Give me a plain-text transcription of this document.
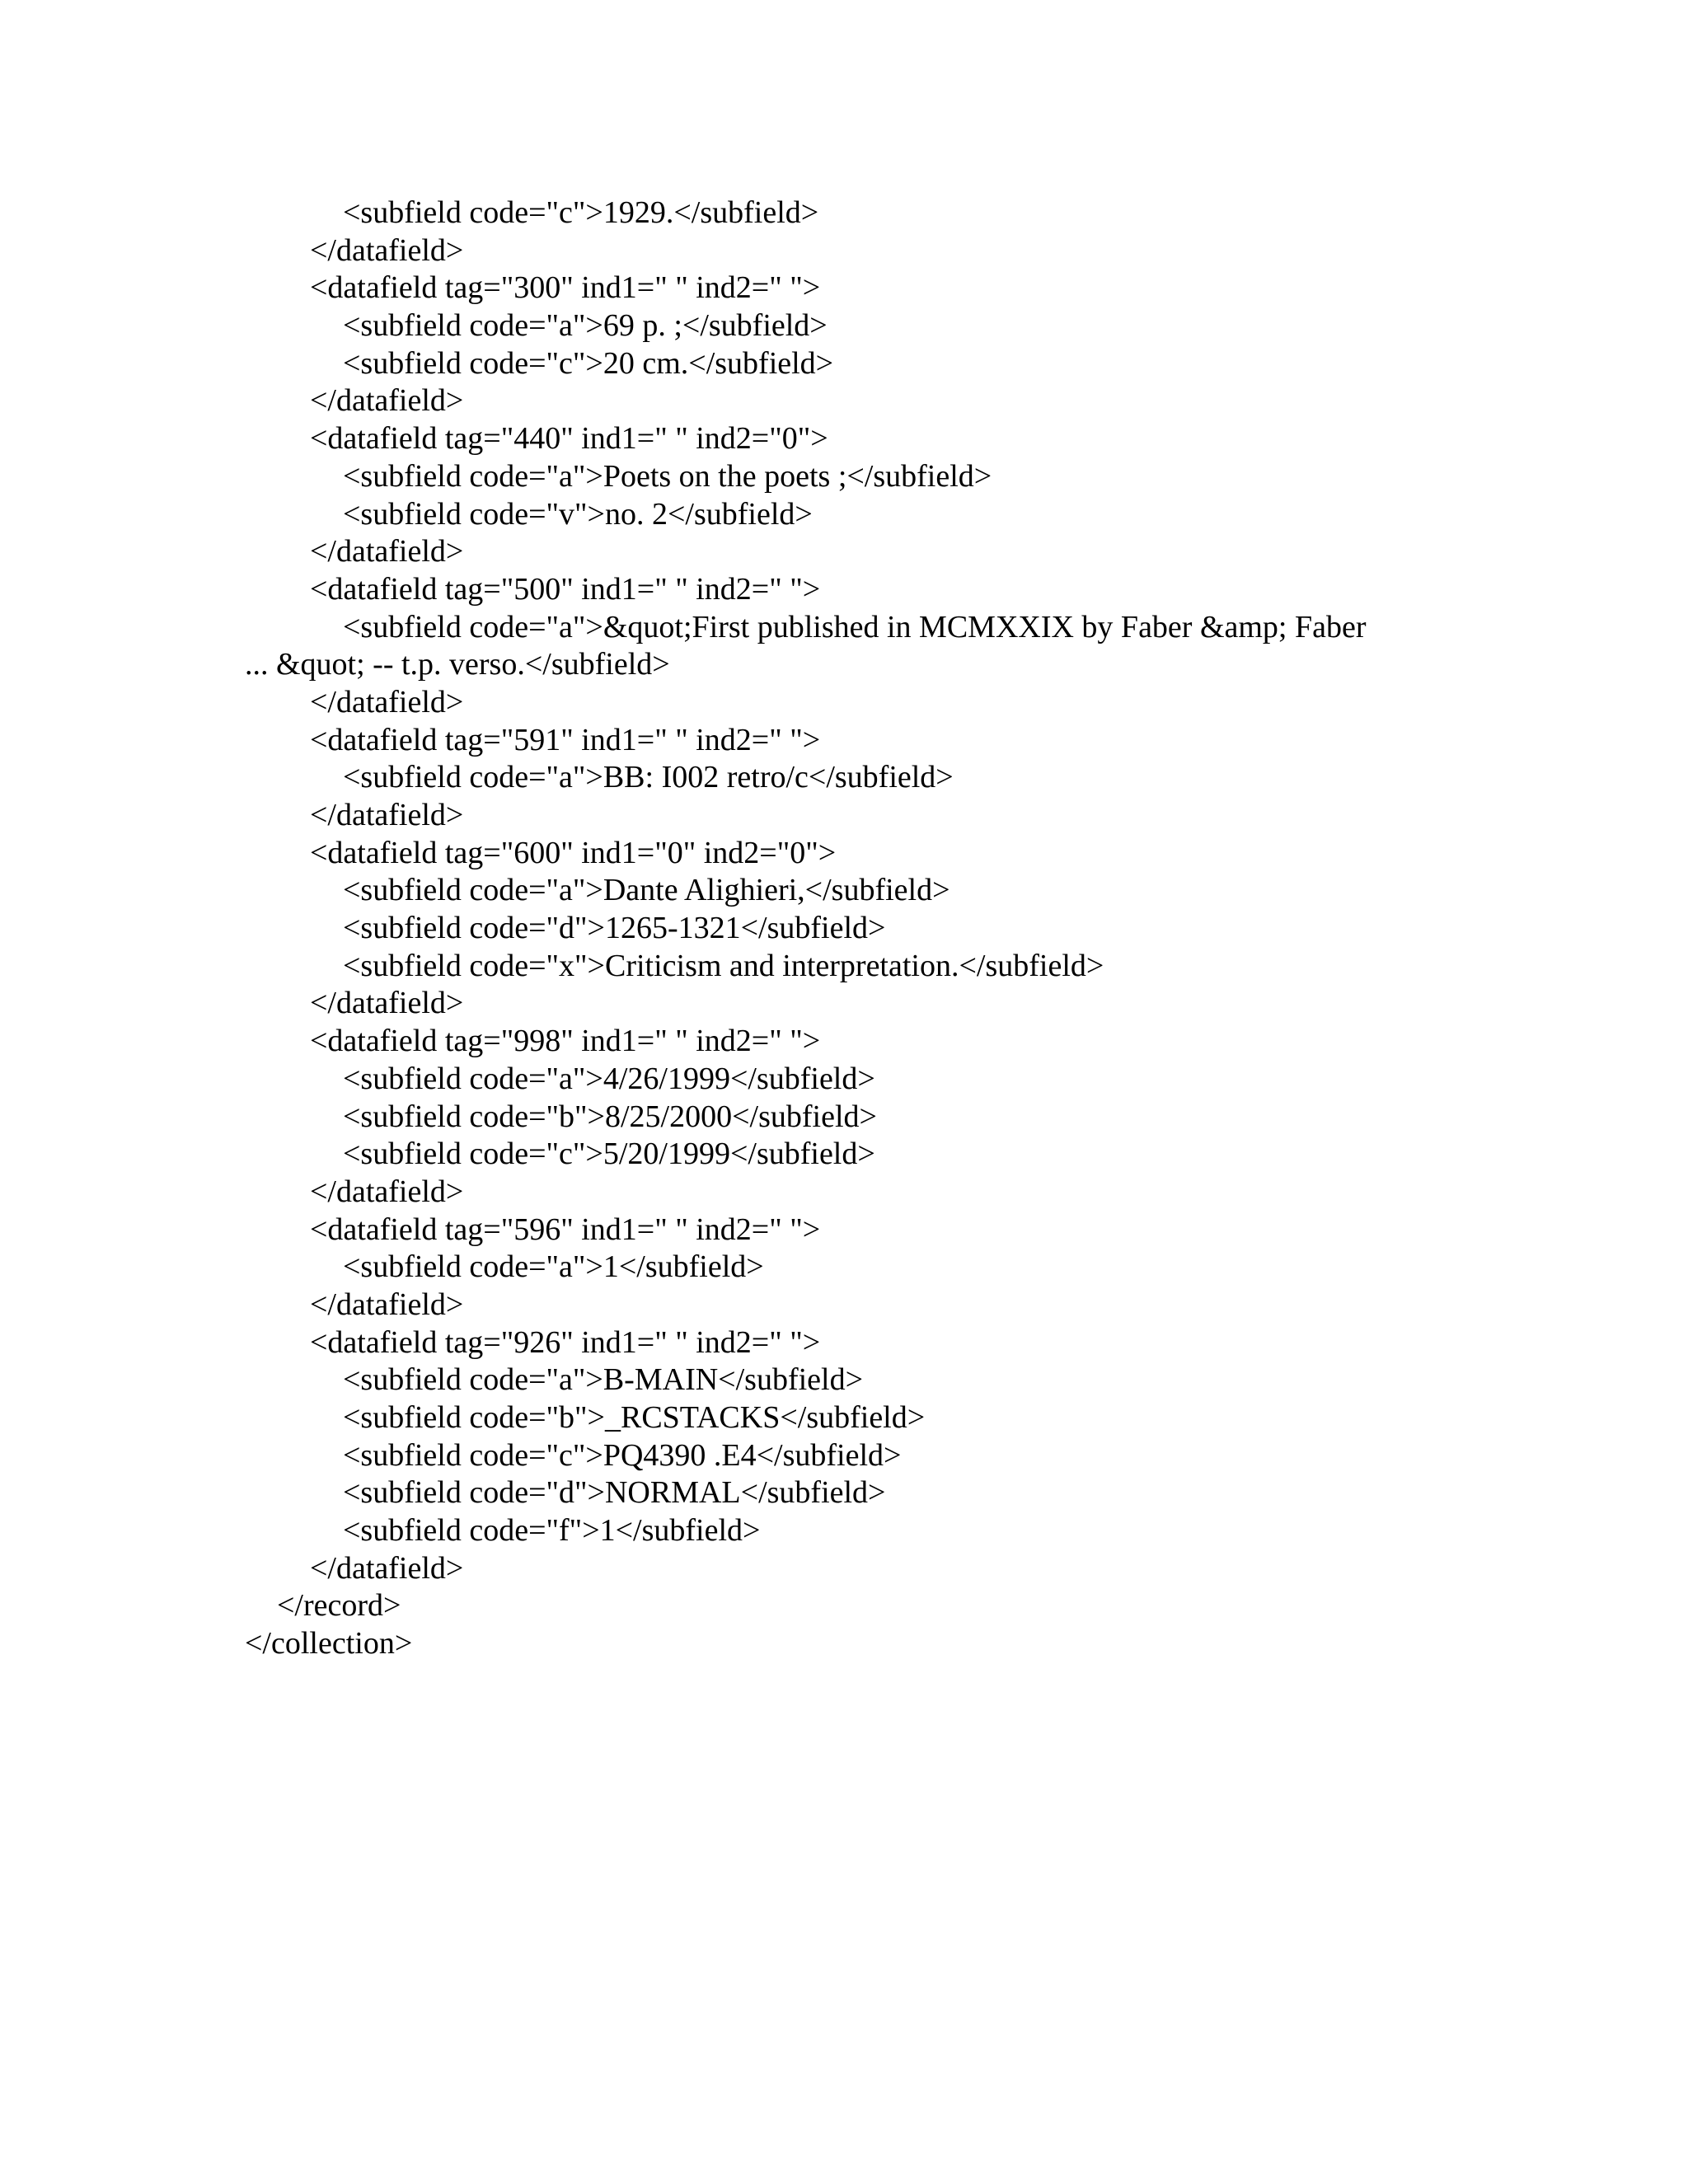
<subfield code="c">1929.</subfield>
</datafield>
<datafield tag="300" ind1=" " ind2=" ">
<subfield code="a">69 p. ;</subfield>
<subfield code="c">20 cm.</subfield>
</datafield>
<datafield tag="440" ind1=" " ind2="0">
<subfield code="a">Poets on the poets ;</subfield>
<subfield code="v">no. 2</subfield>
</datafield>
<datafield tag="500" ind1=" " ind2=" ">
<subfield code="a">&quot;First published in MCMXXIX by Faber &amp; Faber
... &quot; -- t.p. verso.</subfield>
</datafield>
<datafield tag="591" ind1=" " ind2=" ">
<subfield code="a">BB: I002 retro/c</subfield>
</datafield>
<datafield tag="600" ind1="0" ind2="0">
<subfield code="a">Dante Alighieri,</subfield>
<subfield code="d">1265-1321</subfield>
<subfield code="x">Criticism and interpretation.</subfield>
</datafield>
<datafield tag="998" ind1=" " ind2=" ">
<subfield code="a">4/26/1999</subfield>
<subfield code="b">8/25/2000</subfield>
<subfield code="c">5/20/1999</subfield>
</datafield>
<datafield tag="596" ind1=" " ind2=" ">
<subfield code="a">1</subfield>
</datafield>
<datafield tag="926" ind1=" " ind2=" ">
<subfield code="a">B-MAIN</subfield>
<subfield code="b">_RCSTACKS</subfield>
<subfield code="c">PQ4390 .E4</subfield>
<subfield code="d">NORMAL</subfield>
<subfield code="f">1</subfield>
</datafield>
</record>
</collection>
